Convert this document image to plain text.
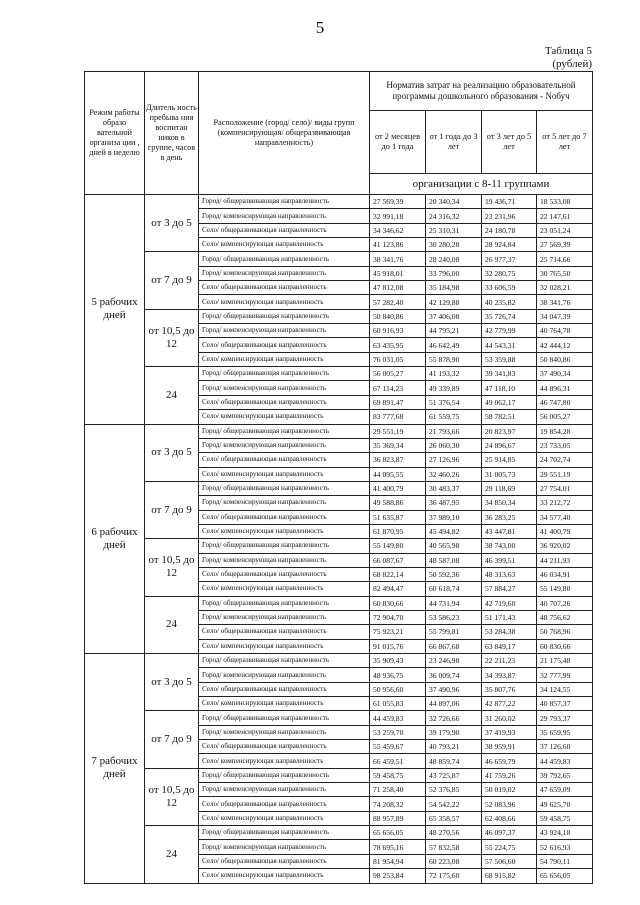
5
Таблица 5
(рублей)
Режим работы образо вательной организа ции , дней в неделю	Длитель ность пребыва ния воспитан ников в группе, часов в день	Расположение (город/ село)/ виды групп (компенсирующая/ общеразвивающая направленность)	Норматив затрат на реализацию образовательной программы дошкольного образования - Nобуч			
			от 2 месяцев до 1 года	от 1 года до 3 лет	от 3 лет до 5 лет	от 5 лет до 7 лет
			организации с 8-11 группами			
5 рабочих дней	от 3 до 5	Город/ общеразвивающая направленность	27 569,39	20 340,34	19 436,71	18 533,08
		Город/ компенсирующая направленность	32 991,18	24 316,32	23 231,96	22 147,61
		Село/ общеразвивающая направленность	34 346,62	25 310,31	24 180,78	23 051,24
		Село/ компенсирующая направленность	41 123,86	30 280,28	28 924,84	27 569,39
	от 7 до 9	Город/ общеразвивающая направленность	38 341,76	28 240,08	26 977,37	25 714,66
		Город/ компенсирующая направленность	45 918,01	33 796,00	32 280,75	30 765,50
		Село/ общеразвивающая направленность	47 812,08	35 184,98	33 606,59	32 028,21
		Село/ компенсирующая направленность	57 282,40	42 129,88	40 235,82	38 341,76
	от 10,5 до 12	Город/ общеразвивающая направленность	50 840,86	37 406,08	35 726,74	34 047,39
		Город/ компенсирующая направленность	60 916,93	44 795,21	42 779,99	40 764,78
		Село/ общеразвивающая направленность	63 435,95	46 642,49	44 543,31	42 444,12
		Село/ компенсирующая направленность	76 031,05	55 878,90	53 359,88	50 840,86
	24	Город/ общеразвивающая направленность	56 005,27	41 193,32	39 341,83	37 490,34
		Город/ компенсирующая направленность	67 114,23	49 339,89	47 118,10	44 896,31
		Село/ общеразвивающая направленность	69 891,47	51 376,54	49 062,17	46 747,80
		Село/ компенсирующая направленность	83 777,68	61 559,75	58 782,51	56 005,27
6 рабочих дней	от 3 до 5	Город/ общеразвивающая направленность	29 551,19	21 793,66	20 823,97	19 854,28
		Город/ компенсирующая направленность	35 369,34	26 060,30	24 896,67	23 733,05
		Село/ общеразвивающая направленность	36 823,87	27 126,96	25 914,85	24 702,74
		Село/ компенсирующая направленность	44 095,55	32 460,26	31 005,73	29 551,19
	от 7 до 9	Город/ общеразвивающая направленность	41 400,79	30 483,37	29 118,69	27 754,01
		Город/ компенсирующая направленность	49 588,86	36 487,95	34 850,34	33 212,72
		Село/ общеразвивающая направленность	51 635,87	37 989,10	36 283,25	34 577,40
		Село/ компенсирующая направленность	61 870,95	45 494,82	43 447,81	41 400,79
	от 10,5 до 12	Город/ общеразвивающая направленность	55 149,80	40 565,98	38 743,00	36 920,02
		Город/ компенсирующая направленность	66 087,67	48 587,08	46 399,51	44 211,93
		Село/ общеразвивающая направленность	68 822,14	50 592,36	48 313,63	46 034,91
		Село/ компенсирующая направленность	82 494,47	60 618,74	57 884,27	55 149,80
	24	Город/ общеразвивающая направленность	60 830,66	44 731,94	42 719,60	40 707,26
		Город/ компенсирующая направленность	72 904,70	53 586,23	51 171,43	48 756,62
		Село/ общеразвивающая направленность	75 923,21	55 799,81	53 284,38	50 768,96
		Село/ компенсирующая направленность	91 015,76	66 867,68	63 849,17	60 830,66
7 рабочих дней	от 3 до 5	Город/ общеразвивающая направленность	35 909,43	23 246,98	22 211,23	21 175,48
		Город/ компенсирующая направленность	48 936,75	36 009,74	34 393,87	32 777,99
		Село/ общеразвивающая направленность	50 956,60	37 490,96	35 807,76	34 124,55
		Село/ компенсирующая направленность	61 055,83	44 897,06	42 877,22	40 857,37
	от 7 до 9	Город/ общеразвивающая направленность	44 459,83	32 726,66	31 260,02	29 793,37
		Город/ компенсирующая направленность	53 259,70	39 179,90	37 419,93	35 659,95
		Село/ общеразвивающая направленность	55 459,67	40 793,21	38 959,91	37 126,60
		Село/ компенсирующая направленность	66 459,51	48 859,74	46 659,79	44 459,83
	от 10,5 до 12	Город/ общеразвивающая направленность	59 458,75	43 725,87	41 759,26	39 792,65
		Город/ компенсирующая направленность	71 258,40	52 376,85	50 019,02	47 659,09
		Село/ общеразвивающая направленность	74 208,32	54 542,22	52 083,96	49 625,70
		Село/ компенсирующая направленность	88 957,89	65 358,57	62 408,66	59 458,75
	24	Город/ общеразвивающая направленность	65 656,05	48 270,56	46 097,37	43 924,18
		Город/ компенсирующая направленность	78 695,16	57 832,58	55 224,75	52 616,93
		Село/ общеразвивающая направленность	81 954,94	60 223,08	57 506,60	54 790,11
		Село/ компенсирующая направленность	98 253,84	72 175,60	68 915,82	65 656,05
